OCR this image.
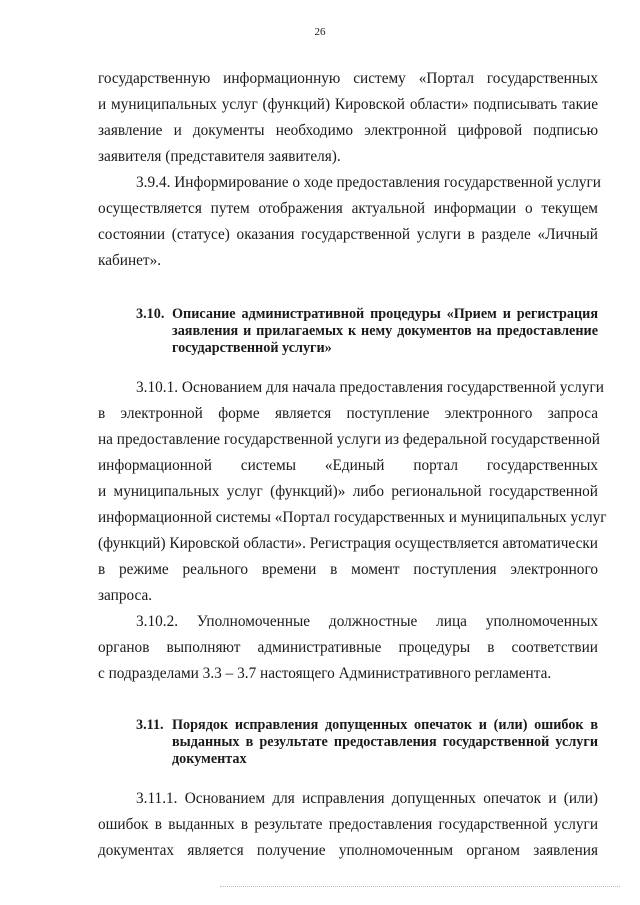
26

государственную информационную систему «Портал государственных
и муниципальных услуг (функций) Кировской области» подписывать такие
заявление и документы необходимо электронной цифровой подписью
заявителя (представителя заявителя).

3.9.4. Информирование о ходе предоставления государственной услуги
осуществляется путем отображения актуальной информации о текущем
состоянии (статусе) оказания государственной услуги в разделе «Личный
кабинет».

3.10. Описание административной процедуры «Прием и регистрация заявления и прилагаемых к нему документов на предоставление государственной услуги»

3.10.1. Основанием для начала предоставления государственной услуги
в электронной форме является поступление электронного запроса
на предоставление государственной услуги из федеральной государственной
информационной системы «Единый портал государственных
и муниципальных услуг (функций)» либо региональной государственной
информационной системы «Портал государственных и муниципальных услуг
(функций) Кировской области». Регистрация осуществляется автоматически
в режиме реального времени в момент поступления электронного
запроса.

3.10.2. Уполномоченные должностные лица уполномоченных
органов выполняют административные процедуры в соответствии
с подразделами 3.3 – 3.7 настоящего Административного регламента.

3.11. Порядок исправления допущенных опечаток и (или) ошибок в выданных в результате предоставления государственной услуги документах

3.11.1. Основанием для исправления допущенных опечаток и (или)
ошибок в выданных в результате предоставления государственной услуги
документах является получение уполномоченным органом заявления
